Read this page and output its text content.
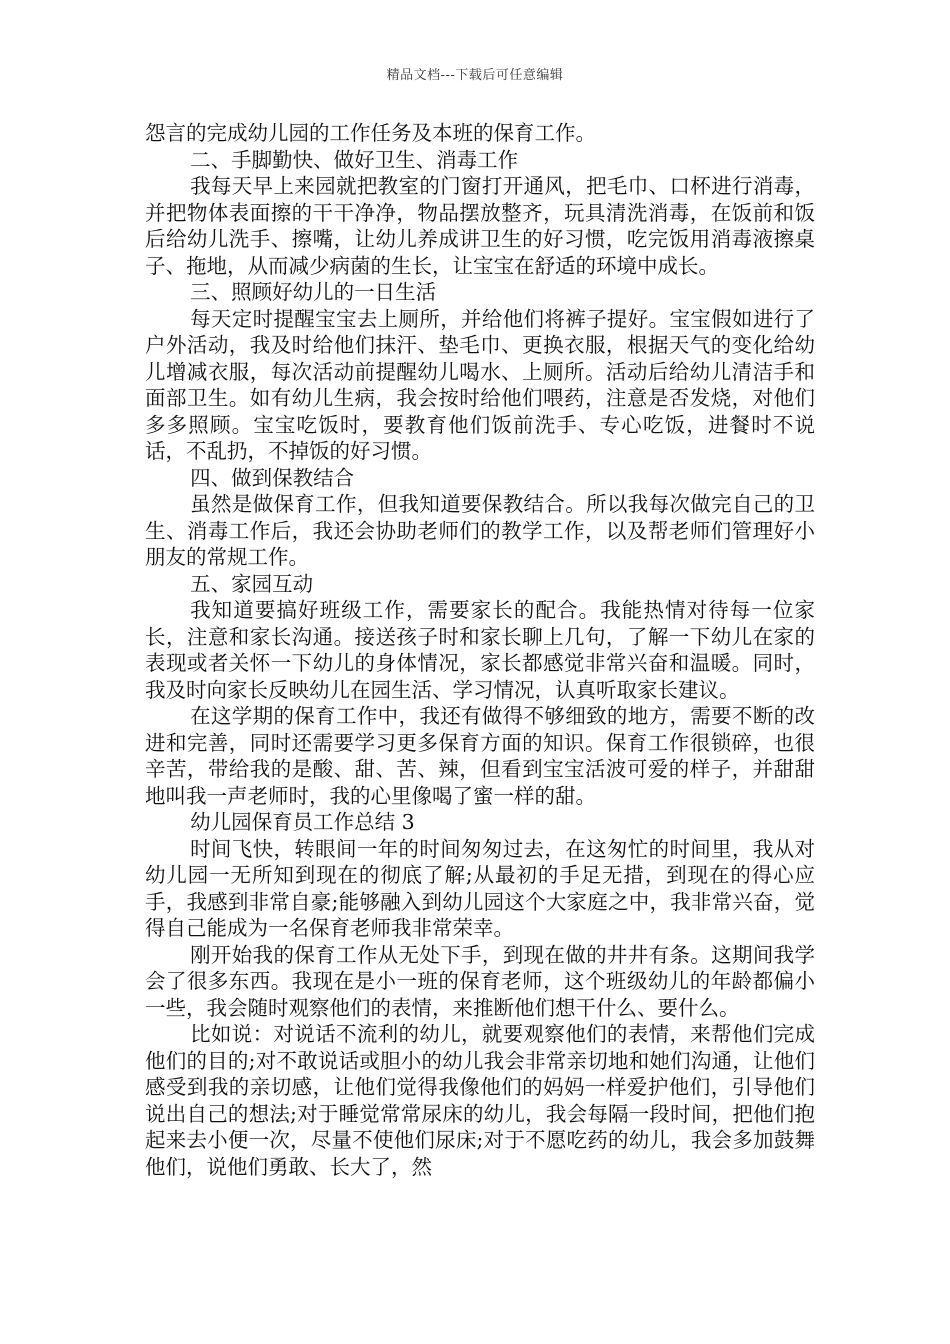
精品文档---下载后可任意编辑

怨言的完成幼儿园的工作任务及本班的保育工作。

二、手脚勤快、做好卫生、消毒工作

我每天早上来园就把教室的门窗打开通风，把毛巾、口杯进行消毒，并把物体表面擦的干干净净，物品摆放整齐，玩具清洗消毒，在饭前和饭后给幼儿洗手、擦嘴，让幼儿养成讲卫生的好习惯，吃完饭用消毒液擦桌子、拖地，从而减少病菌的生长，让宝宝在舒适的环境中成长。

三、照顾好幼儿的一日生活

每天定时提醒宝宝去上厕所，并给他们将裤子提好。宝宝假如进行了户外活动，我及时给他们抹汗、垫毛巾、更换衣服，根据天气的变化给幼儿增减衣服，每次活动前提醒幼儿喝水、上厕所。活动后给幼儿清洁手和面部卫生。如有幼儿生病，我会按时给他们喂药，注意是否发烧，对他们多多照顾。宝宝吃饭时，要教育他们饭前洗手、专心吃饭，进餐时不说话，不乱扔，不掉饭的好习惯。

四、做到保教结合

虽然是做保育工作，但我知道要保教结合。所以我每次做完自己的卫生、消毒工作后，我还会协助老师们的教学工作，以及帮老师们管理好小朋友的常规工作。

五、家园互动

我知道要搞好班级工作，需要家长的配合。我能热情对待每一位家长，注意和家长沟通。接送孩子时和家长聊上几句，了解一下幼儿在家的表现或者关怀一下幼儿的身体情况，家长都感觉非常兴奋和温暖。同时，我及时向家长反映幼儿在园生活、学习情况，认真听取家长建议。

在这学期的保育工作中，我还有做得不够细致的地方，需要不断的改进和完善，同时还需要学习更多保育方面的知识。保育工作很锁碎，也很辛苦，带给我的是酸、甜、苦、辣，但看到宝宝活波可爱的样子，并甜甜地叫我一声老师时，我的心里像喝了蜜一样的甜。

幼儿园保育员工作总结 3

时间飞快，转眼间一年的时间匆匆过去，在这匆忙的时间里，我从对幼儿园一无所知到现在的彻底了解;从最初的手足无措，到现在的得心应手，我感到非常自豪;能够融入到幼儿园这个大家庭之中，我非常兴奋，觉得自己能成为一名保育老师我非常荣幸。

刚开始我的保育工作从无处下手，到现在做的井井有条。这期间我学会了很多东西。我现在是小一班的保育老师，这个班级幼儿的年龄都偏小一些，我会随时观察他们的表情，来推断他们想干什么、要什么。

比如说：对说话不流利的幼儿，就要观察他们的表情，来帮他们完成他们的目的;对不敢说话或胆小的幼儿我会非常亲切地和她们沟通，让他们感受到我的亲切感，让他们觉得我像他们的妈妈一样爱护他们，引导他们说出自己的想法;对于睡觉常常尿床的幼儿，我会每隔一段时间，把他们抱起来去小便一次，尽量不使他们尿床;对于不愿吃药的幼儿，我会多加鼓舞他们，说他们勇敢、长大了，然
